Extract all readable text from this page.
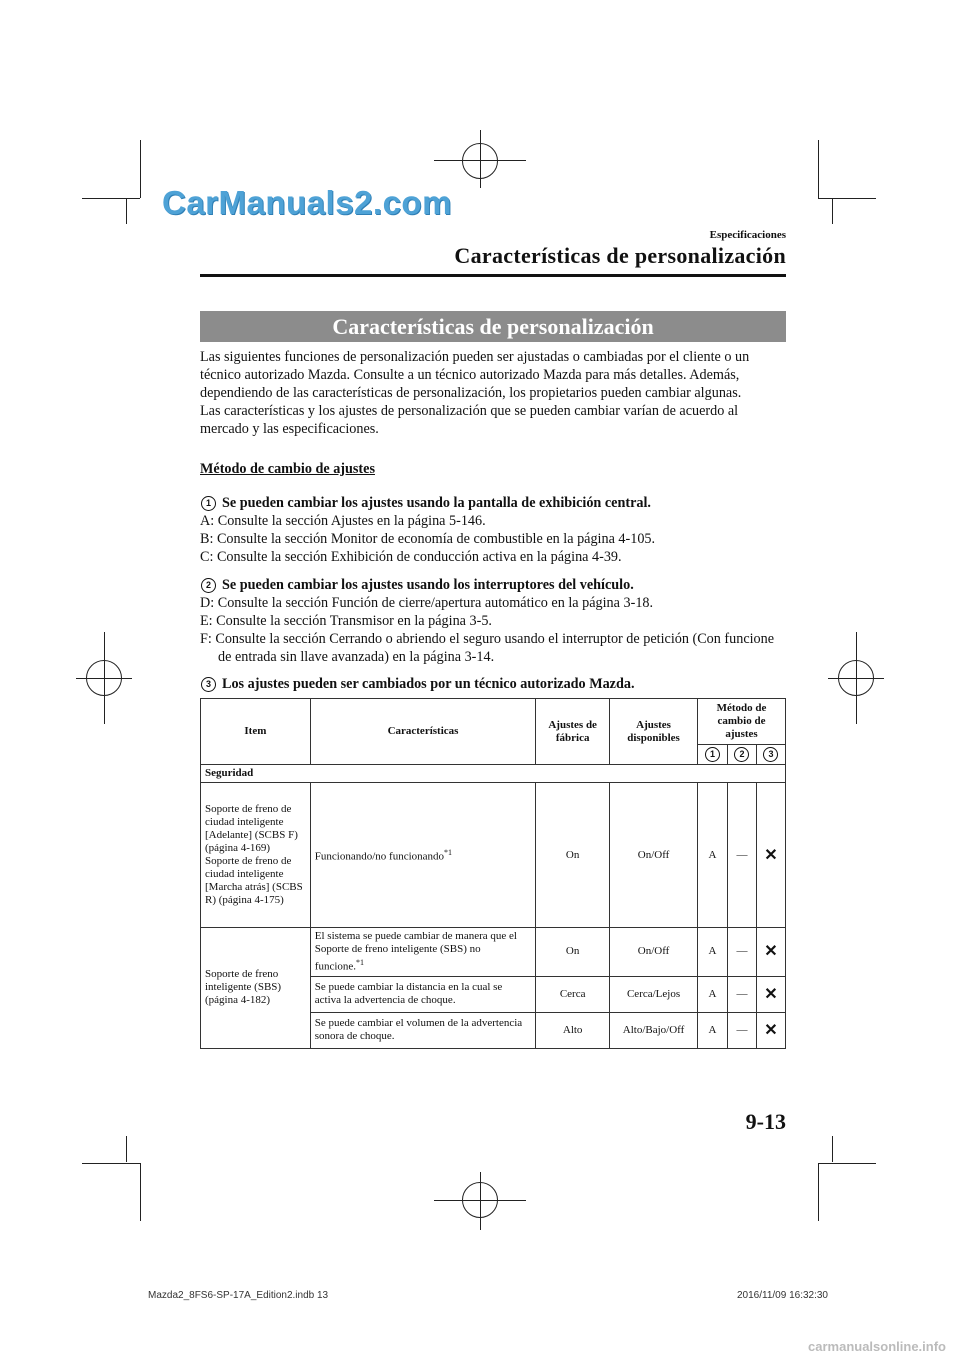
CarManuals2.com
Especificaciones
Características de personalización
Características de personalización
Las siguientes funciones de personalización pueden ser ajustadas o cambiadas por el cliente o un técnico autorizado Mazda. Consulte a un técnico autorizado Mazda para más detalles. Además, dependiendo de las características de personalización, los propietarios pueden cambiar algunas.
Las características y los ajustes de personalización que se pueden cambiar varían de acuerdo al mercado y las especificaciones.
Método de cambio de ajustes
1 Se pueden cambiar los ajustes usando la pantalla de exhibición central.
A: Consulte la sección Ajustes en la página 5-146.
B: Consulte la sección Monitor de economía de combustible en la página 4-105.
C: Consulte la sección Exhibición de conducción activa en la página 4-39.
2 Se pueden cambiar los ajustes usando los interruptores del vehículo.
D: Consulte la sección Función de cierre/apertura automático en la página 3-18.
E: Consulte la sección Transmisor en la página 3-5.
F: Consulte la sección Cerrando o abriendo el seguro usando el interruptor de petición (Con funcione de entrada sin llave avanzada) en la página 3-14.
3 Los ajustes pueden ser cambiados por un técnico autorizado Mazda.
Item	Características	Ajustes de fábrica	Ajustes disponibles	Método de cambio de ajustes		
				1	2	3
Seguridad						
Soporte de freno de ciudad inteligente [Adelante] (SCBS F) (página 4-169) Soporte de freno de ciudad inteligente [Marcha atrás] (SCBS R) (página 4-175)	Funcionando/no funcionando$^{*1}$	On	On/Off	A	—	✕
Soporte de freno inteligente (SBS) (página 4-182)	El sistema se puede cambiar de manera que el Soporte de freno inteligente (SBS) no funcione.$^{*1}$	On	On/Off	A	—	✕
	Se puede cambiar la distancia en la cual se activa la advertencia de choque.	Cerca	Cerca/Lejos	A	—	✕
	Se puede cambiar el volumen de la advertencia sonora de choque.	Alto	Alto/Bajo/Off	A	—	✕
9-13
Mazda2_8FS6-SP-17A_Edition2.indb 13	2016/11/09 16:32:30
carmanualsonline.info
